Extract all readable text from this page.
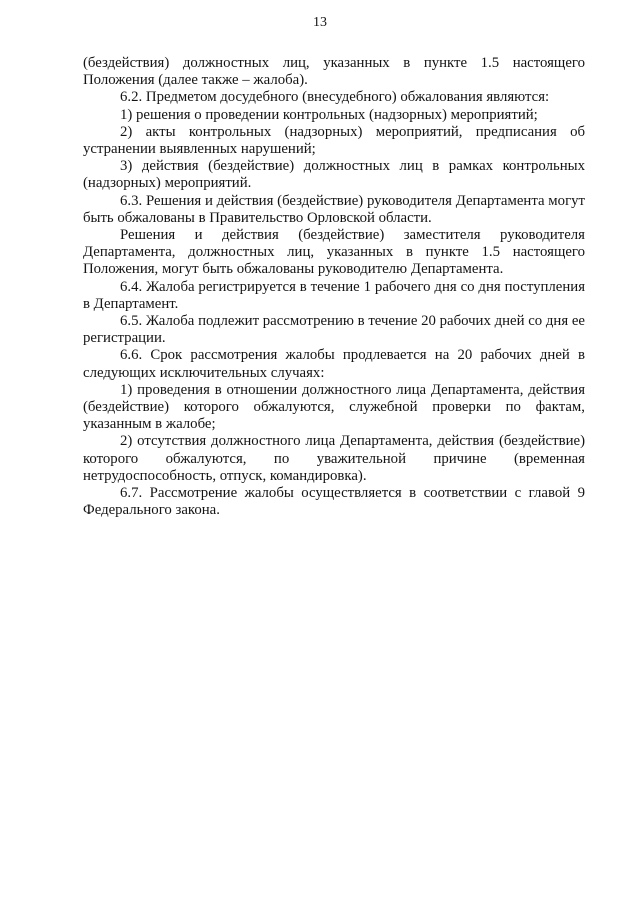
13

(бездействия) должностных лиц, указанных в пункте 1.5 настоящего Положения (далее также – жалоба).

6.2. Предметом досудебного (внесудебного) обжалования являются:

1) решения о проведении контрольных (надзорных) мероприятий;

2) акты контрольных (надзорных) мероприятий, предписания об устранении выявленных нарушений;

3) действия (бездействие) должностных лиц в рамках контрольных (надзорных) мероприятий.

6.3. Решения и действия (бездействие) руководителя Департамента могут быть обжалованы в Правительство Орловской области.

Решения и действия (бездействие) заместителя руководителя Департамента, должностных лиц, указанных в пункте 1.5 настоящего Положения, могут быть обжалованы руководителю Департамента.

6.4. Жалоба регистрируется в течение 1 рабочего дня со дня поступления в Департамент.

6.5. Жалоба подлежит рассмотрению в течение 20 рабочих дней со дня ее регистрации.

6.6. Срок рассмотрения жалобы продлевается на 20 рабочих дней в следующих исключительных случаях:

1) проведения в отношении должностного лица Департамента, действия (бездействие) которого обжалуются, служебной проверки по фактам, указанным в жалобе;

2) отсутствия должностного лица Департамента, действия (бездействие) которого обжалуются, по уважительной причине (временная нетрудоспособность, отпуск, командировка).

6.7. Рассмотрение жалобы осуществляется в соответствии с главой 9 Федерального закона.
